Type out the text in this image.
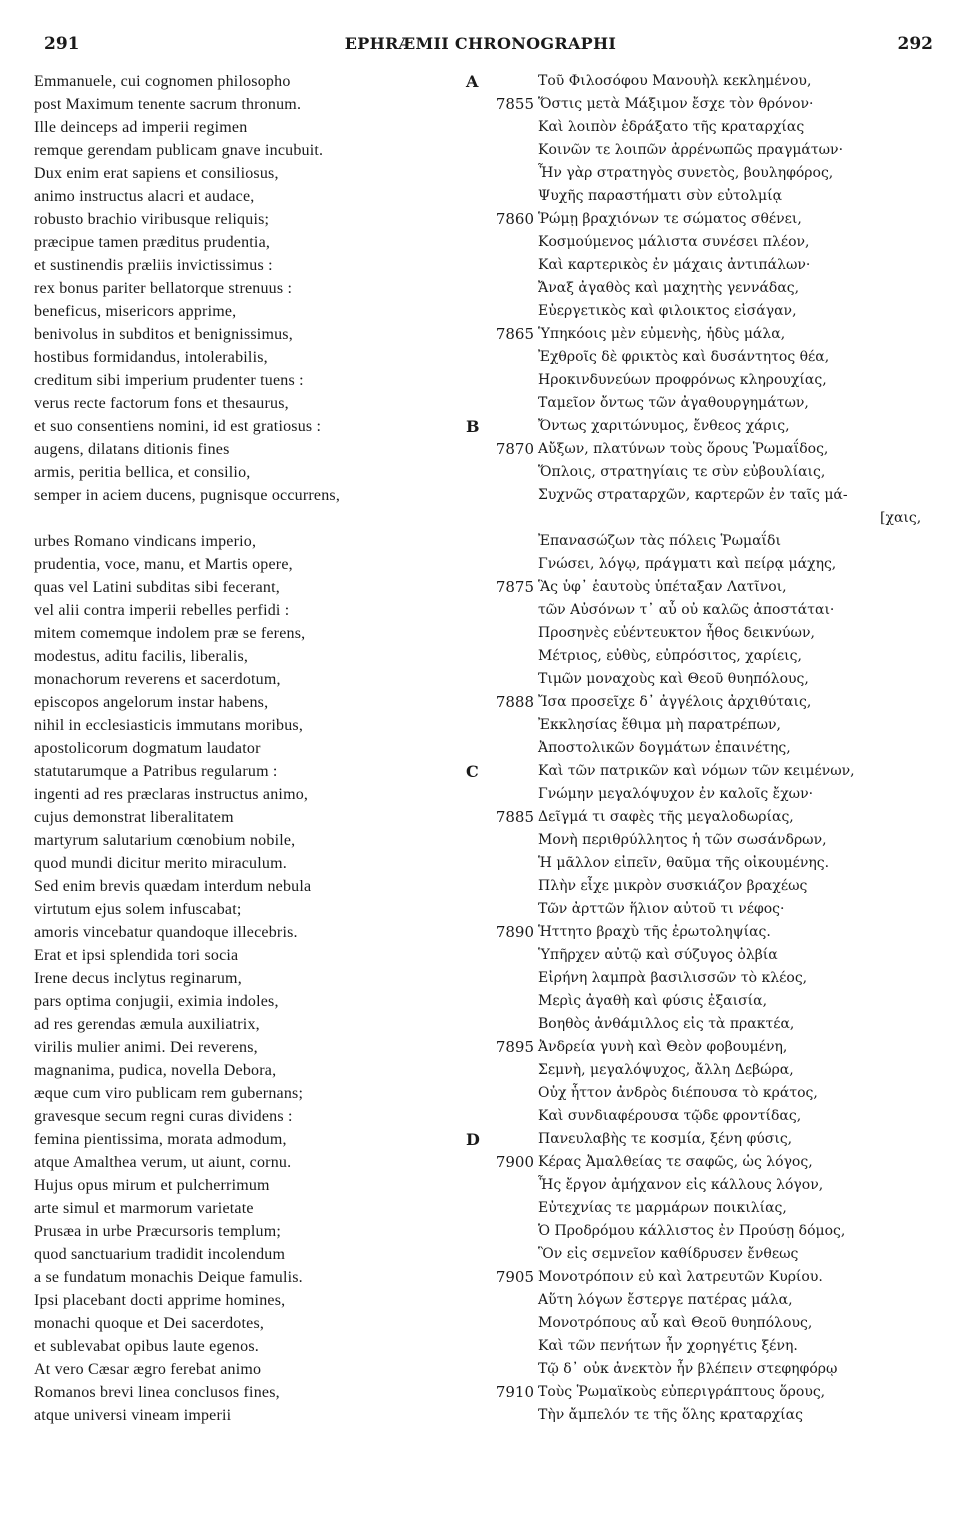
EPHRÆMII CHRONOGRAPHI
291	292
Emmanuele, cui cognomen philosopho
post Maximum tenente sacrum thronum.
Ille deinceps ad imperii regimen
remque gerendam publicam gnave incubuit.
Dux enim erat sapiens et consiliosus,
animo instructus alacri et audace,
robusto brachio viribusque reliquis;
præcipue tamen præditus prudentia,
et sustinendis præliis invictissimus :
rex bonus pariter bellatorque strenuus :
beneficus, misericors apprime,
benivolus in subditos et benignissimus,
hostibus formidandus, intolerabilis,
creditum sibi imperium prudenter tuens :
verus recte factorum fons et thesaurus,
et suo consentiens nomini, id est gratiosus :
augens, dilatans ditionis fines
armis, peritia bellica, et consilio,
semper in aciem ducens, pugnisque occurrens,
urbes Romano vindicans imperio,
prudentia, voce, manu, et Martis opere,
quas vel Latini subditas sibi fecerant,
vel alii contra imperii rebelles perfidi :
mitem comemque indolem præ se ferens,
modestus, aditu facilis, liberalis,
monachorum reverens et sacerdotum,
episcopos angelorum instar habens,
nihil in ecclesiasticis immutans moribus,
apostolicorum dogmatum laudator
statutarumque a Patribus regularum :
ingenti ad res præclaras instructus animo,
cujus demonstrat liberalitatem
martyrum salutarium cœnobium nobile,
quod mundi dicitur merito miraculum.
Sed enim brevis quædam interdum nebula
virtutum ejus solem infuscabat;
amoris vincebatur quandoque illecebris.
Erat et ipsi splendida tori socia
Irene decus inclytus reginarum,
pars optima conjugii, eximia indoles,
ad res gerendas æmula auxiliatrix,
virilis mulier animi. Dei reverens,
magnanima, pudica, novella Debora,
æque cum viro publicam rem gubernans;
gravesque secum regni curas dividens :
femina pientissima, morata admodum,
atque Amalthea verum, ut aiunt, cornu.
Hujus opus mirum et pulcherrimum
arte simul et marmorum varietate
Prusæa in urbe Præcursoris templum;
quod sanctuarium tradidit incolendum
a se fundatum monachis Deique famulis.
Ipsi placebant docti apprime homines,
monachi quoque et Dei sacerdotes,
et sublevabat opibus laute egenos.
At vero Cæsar ægro ferebat animo
Romanos brevi linea conclusos fines,
atque universi vineam imperii
A	Τοῦ Φιλοσόφου Μανουὴλ κεκλημένου,
7855 Ὅστις μετὰ Μάξιμον ἔσχε τὸν θρόνον·
Καὶ λοιπὸν ἐδράξατο τῆς κραταρχίας
Κοινῶν τε λοιπῶν ἀρρένωπῶς πραγμάτων·
Ἦν γὰρ στρατηγὸς συνετὸς, βουληφόρος,
Ψυχῆς παραστήματι σὺν εὐτολμίᾳ
7860 Ῥώμῃ βραχιόνων τε σώματος σθένει,
Κοσμούμενος μάλιστα συνέσει πλέον,
Καὶ καρτερικὸς ἐν μάχαις ἀντιπάλων·
Ἄναξ ἀγαθὸς καὶ μαχητὴς γεννάδας,
Εὐεργετικὸς καὶ φιλοικτος εἰσάγαν,
7865 Ὑπηκόοις μὲν εὐμενὴς, ἡδὺς μάλα,
Ἐχθροῖς δὲ φρικτὸς καὶ δυσάντητος θέα,
Ηροκινδυνεύων προφρόνως κληρουχίας,
Ταμεῖον ὄντως τῶν ἀγαθουργημάτων,
B	Ὄντως χαριτώνυμος, ἔνθεος χάρις,
7870 Αὔξων, πλατύνων τοὺς ὅρους Ῥωμαΐδος,
Ὅπλοις, στρατηγίαις τε σὺν εὐβουλίαις,
Συχνῶς στραταρχῶν, καρτερῶν ἐν ταῖς μά-
[χαις,
Ἐπανασώζων τὰς πόλεις Ῥωμαΐδι
Γνώσει, λόγῳ, πράγματι καὶ πείρᾳ μάχης,
7875 Ἃς ὑφ᾽ ἑαυτοὺς ὑπέταξαν Λατῖνοι,
τῶν Αὐσόνων τ᾽ αὖ οὐ καλῶς ἀποστάται·
Προσηνὲς εὐέντευκτον ἦθος δεικνύων,
Μέτριος, εὐθὺς, εὐπρόσιτος, χαρίεις,
Τιμῶν μοναχοὺς καὶ Θεοῦ θυηπόλους,
7888 Ἴσα προσεῖχε δ᾽ ἀγγέλοις ἀρχιθύταις,
Ἐκκλησίας ἔθιμα μὴ παρατρέπων,
Ἀποστολικῶν δογμάτων ἐπαινέτης,
C	Καὶ τῶν πατρικῶν καὶ νόμων τῶν κειμένων,
Γνώμην μεγαλόψυχον ἐν καλοῖς ἔχων·
7885 Δεῖγμά τι σαφὲς τῆς μεγαλοδωρίας,
Μονὴ περιθρύλλητος ἡ τῶν σωσάνδρων,
Ἡ μᾶλλον εἰπεῖν, θαῦμα τῆς οἰκουμένης.
Πλὴν εἶχε μικρὸν συσκιάζον βραχέως
Τῶν ἀρττῶν ἥλιον αὐτοῦ τι νέφος·
7890 Ἡττητο βραχὺ τῆς ἐρωτοληψίας.
Ὑπῆρχεν αὐτῷ καὶ σύζυγος ὀλβία
Εἰρήνη λαμπρὰ βασιλισσῶν τὸ κλέος,
Μερὶς ἀγαθὴ καὶ φύσις ἐξαισία,
Βοηθὸς ἀνθάμιλλος εἰς τὰ πρακτέα,
7895 Ἀνδρεία γυνὴ καὶ Θεὸν φοβουμένη,
Σεμνὴ, μεγαλόψυχος, ἄλλη Δεβώρα,
Οὐχ ἧττον ἀνδρὸς διέπουσα τὸ κράτος,
Καὶ συνδιαφέρουσα τῷδε φροντίδας,
D	Πανευλαβὴς τε κοσμία, ξένη φύσις,
7900 Κέρας Ἀμαλθείας τε σαφῶς, ὡς λόγος,
Ἧς ἔργον ἀμήχανον εἰς κάλλους λόγον,
Εὐτεχνίας τε μαρμάρων ποικιλίας,
Ὁ Προδρόμου κάλλιστος ἐν Προύσῃ δόμος,
Ὃν εἰς σεμνεῖον καθίδρυσεν ἔνθεως
7905 Μονοτρόποιν εὐ καὶ λατρευτῶν Κυρίου.
Αὕτη λόγων ἔστεργε πατέρας μάλα,
Μονοτρόπους αὖ καὶ Θεοῦ θυηπόλους,
Καὶ τῶν πενήτων ἦν χορηγέτις ξένη.
Τῷ δ᾽ οὐκ ἀνεκτὸν ἦν βλέπειν στεφηφόρῳ
7910 Τοὺς Ῥωμαϊκοὺς εὐπεριγράπτους ὅρους,
Τὴν ἄμπελόν τε τῆς ὅλης κραταρχίας
